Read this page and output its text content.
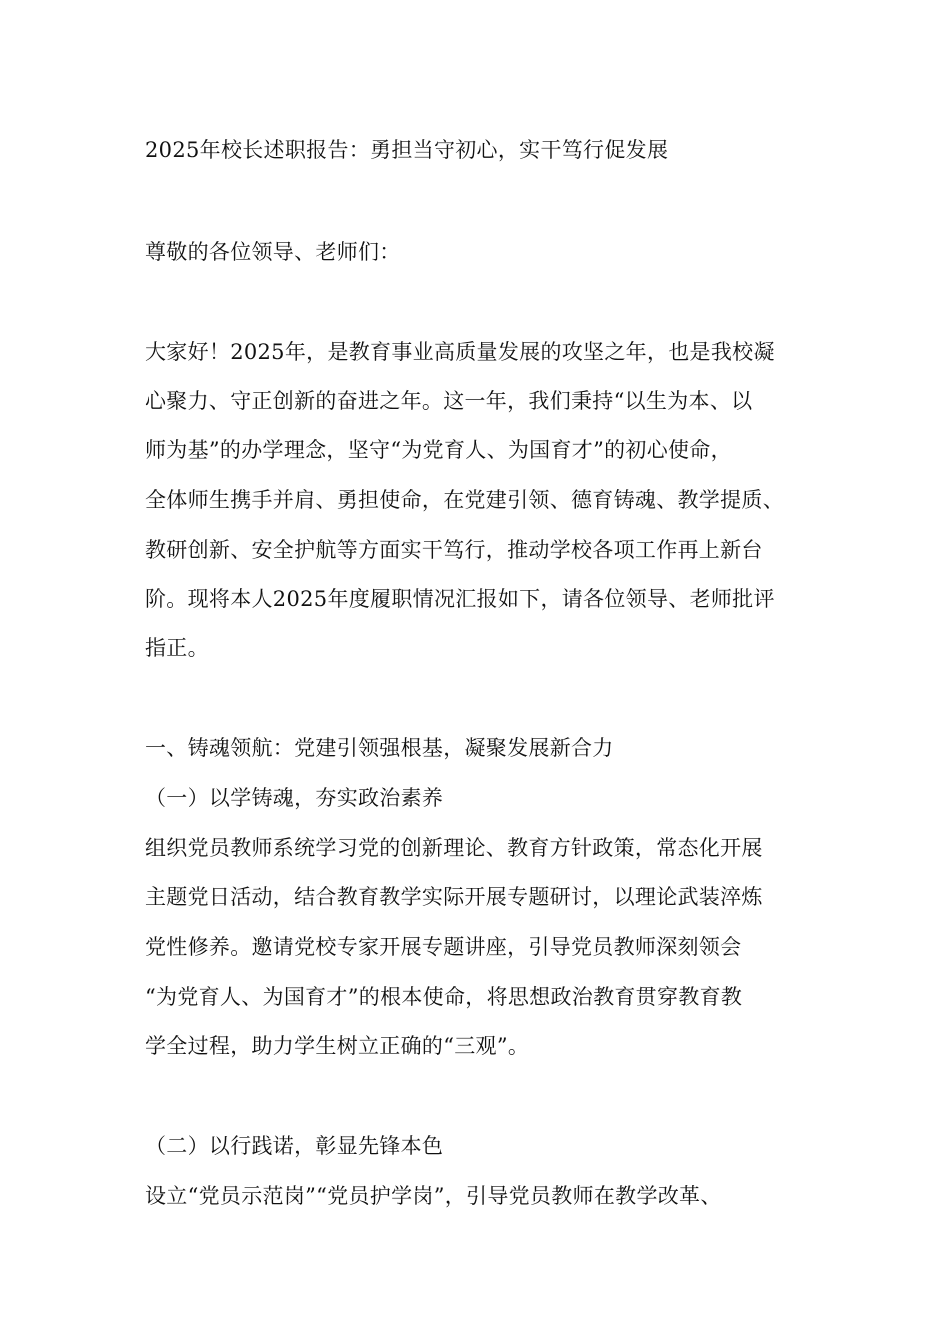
2025年校长述职报告：勇担当守初心，实干笃行促发展
尊敬的各位领导、老师们：
大家好！2025年，是教育事业高质量发展的攻坚之年，也是我校凝
心聚力、守正创新的奋进之年。这一年，我们秉持“以生为本、以
师为基”的办学理念，坚守“为党育人、为国育才”的初心使命，
全体师生携手并肩、勇担使命，在党建引领、德育铸魂、教学提质、
教研创新、安全护航等方面实干笃行，推动学校各项工作再上新台
阶。现将本人2025年度履职情况汇报如下，请各位领导、老师批评
指正。
一、铸魂领航：党建引领强根基，凝聚发展新合力
（一）以学铸魂，夯实政治素养
组织党员教师系统学习党的创新理论、教育方针政策，常态化开展
主题党日活动，结合教育教学实际开展专题研讨，以理论武装淬炼
党性修养。邀请党校专家开展专题讲座，引导党员教师深刻领会
“为党育人、为国育才”的根本使命，将思想政治教育贯穿教育教
学全过程，助力学生树立正确的“三观”。
（二）以行践诺，彰显先锋本色
设立“党员示范岗”“党员护学岗”，引导党员教师在教学改革、
